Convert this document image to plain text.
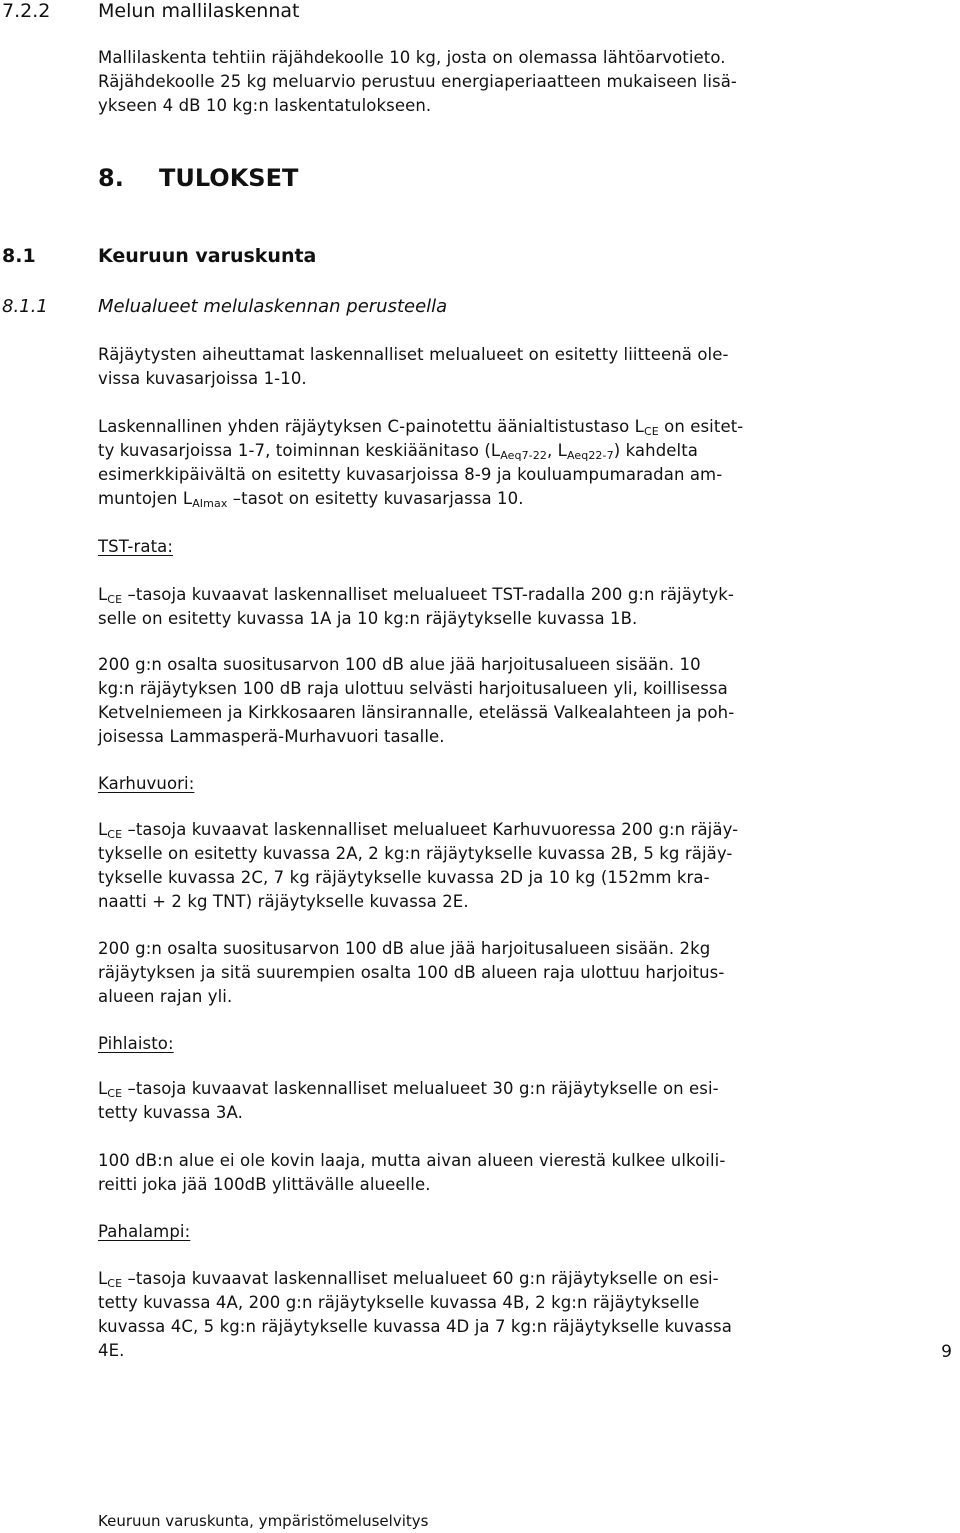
7.2.2	Melun mallilaskennat
Mallilaskenta tehtiin räjähdekoolle 10 kg, josta on olemassa lähtöarvotieto.
Räjähdekoolle 25 kg meluarvio perustuu energiaperiaatteen mukaiseen lisä-
ykseen 4 dB 10 kg:n laskentatulokseen.
8. TULOKSET
8.1	Keuruun varuskunta
8.1.1	Melualueet melulaskennan perusteella
Räjäytysten aiheuttamat laskennalliset melualueet on esitetty liitteenä ole-
vissa kuvasarjoissa 1-10.
Laskennallinen yhden räjäytyksen C-painotettu äänialtistustaso $L_{CE}$ on esitet-
ty kuvasarjoissa 1-7, toiminnan keskiäänitaso ($L_{Aeq7-22}$, $L_{Aeq22-7}$) kahdelta
esimerkkipäivältä on esitetty kuvasarjoissa 8-9 ja kouluampumaradan am-
muntojen $L_{AImax}$ –tasot on esitetty kuvasarjassa 10.
TST-rata:
$L_{CE}$ –tasoja kuvaavat laskennalliset melualueet TST-radalla 200 g:n räjäytyk-
selle on esitetty kuvassa 1A ja 10 kg:n räjäytykselle kuvassa 1B.
200 g:n osalta suositusarvon 100 dB alue jää harjoitusalueen sisään. 10
kg:n räjäytyksen 100 dB raja ulottuu selvästi harjoitusalueen yli, koillisessa
Ketvelniemeen ja Kirkkosaaren länsirannalle, etelässä Valkealahteen ja poh-
joisessa Lammasperä-Murhavuori tasalle.
Karhuvuori:
$L_{CE}$ –tasoja kuvaavat laskennalliset melualueet Karhuvuoressa 200 g:n räjäy-
tykselle on esitetty kuvassa 2A, 2 kg:n räjäytykselle kuvassa 2B, 5 kg räjäy-
tykselle kuvassa 2C, 7 kg räjäytykselle kuvassa 2D ja 10 kg (152mm kra-
naatti + 2 kg TNT) räjäytykselle kuvassa 2E.
200 g:n osalta suositusarvon 100 dB alue jää harjoitusalueen sisään. 2kg
räjäytyksen ja sitä suurempien osalta 100 dB alueen raja ulottuu harjoitus-
alueen rajan yli.
Pihlaisto:
$L_{CE}$ –tasoja kuvaavat laskennalliset melualueet 30 g:n räjäytykselle on esi-
tetty kuvassa 3A.
100 dB:n alue ei ole kovin laaja, mutta aivan alueen vierestä kulkee ulkoili-
reitti joka jää 100dB ylittävälle alueelle.
Pahalampi:
$L_{CE}$ –tasoja kuvaavat laskennalliset melualueet 60 g:n räjäytykselle on esi-
tetty kuvassa 4A, 200 g:n räjäytykselle kuvassa 4B, 2 kg:n räjäytykselle
kuvassa 4C, 5 kg:n räjäytykselle kuvassa 4D ja 7 kg:n räjäytykselle kuvassa
4E.	9
Keuruun varuskunta, ympäristömeluselvitys
